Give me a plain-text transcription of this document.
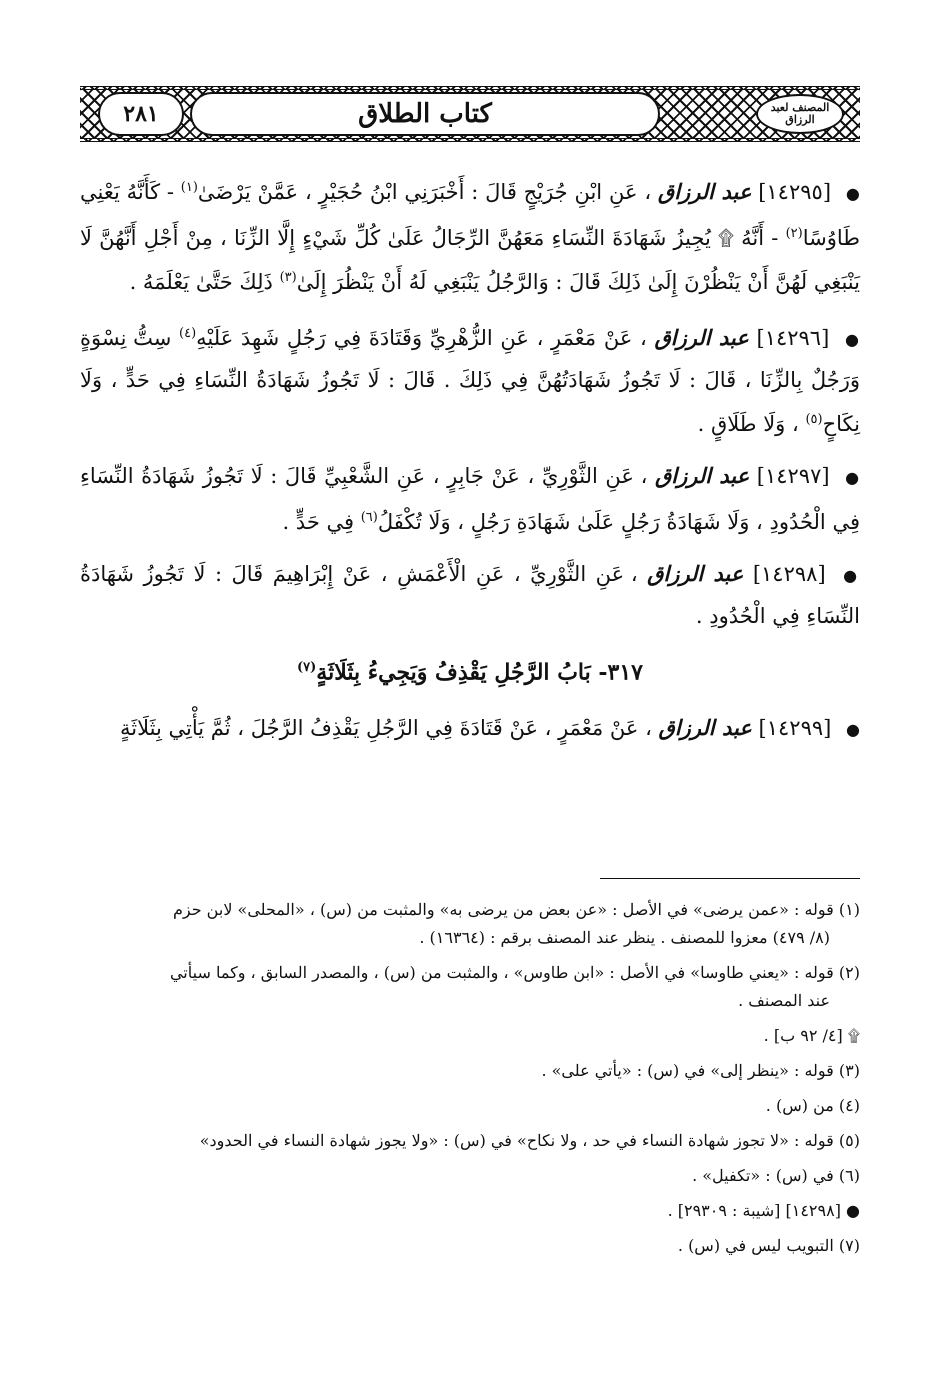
٢٨١	كتاب الطلاق	المصنف لعبد الرزاق

● [١٤٢٩٥] عبد الرزاق ، عَنِ ابْنِ جُرَيْجٍ قَالَ : أَخْبَرَنِي ابْنُ حُجَيْرٍ ، عَمَّنْ يَرْضَىٰ$^{(١)}$ - كَأَنَّهُ يَعْنِي طَاوُسًا$^{(٢)}$ - أَنَّهُ ۩ يُجِيزُ شَهَادَةَ النِّسَاءِ مَعَهُنَّ الرِّجَالُ عَلَىٰ كُلِّ شَيْءٍ إِلَّا الزِّنَا ، مِنْ أَجْلِ أَنَّهُنَّ لَا يَنْبَغِي لَهُنَّ أَنْ يَنْظُرْنَ إِلَىٰ ذَلِكَ قَالَ : وَالرَّجُلُ يَنْبَغِي لَهُ أَنْ يَنْظُرَ إِلَىٰ$^{(٣)}$ ذَلِكَ حَتَّىٰ يَعْلَمَهُ .

● [١٤٢٩٦] عبد الرزاق ، عَنْ مَعْمَرٍ ، عَنِ الزُّهْرِيِّ وَقَتَادَةَ فِي رَجُلٍ شَهِدَ عَلَيْهِ$^{(٤)}$ سِتُّ نِسْوَةٍ وَرَجُلٌ بِالزِّنَا ، قَالَ : لَا تَجُوزُ شَهَادَتُهُنَّ فِي ذَلِكَ . قَالَ : لَا تَجُوزُ شَهَادَةُ النِّسَاءِ فِي حَدٍّ ، وَلَا نِكَاحٍ$^{(٥)}$ ، وَلَا طَلَاقٍ .

● [١٤٢٩٧] عبد الرزاق ، عَنِ الثَّوْرِيِّ ، عَنْ جَابِرٍ ، عَنِ الشَّعْبِيِّ قَالَ : لَا تَجُوزُ شَهَادَةُ النِّسَاءِ فِي الْحُدُودِ ، وَلَا شَهَادَةُ رَجُلٍ عَلَىٰ شَهَادَةِ رَجُلٍ ، وَلَا تُكْفَلُ$^{(٦)}$ فِي حَدٍّ .

● [١٤٢٩٨] عبد الرزاق ، عَنِ الثَّوْرِيِّ ، عَنِ الْأَعْمَشِ ، عَنْ إِبْرَاهِيمَ قَالَ : لَا تَجُوزُ شَهَادَةُ النِّسَاءِ فِي الْحُدُودِ .

٣١٧- بَابُ الرَّجُلِ يَقْذِفُ وَيَجِيءُ بِثَلَاثَةٍ$^{(٧)}$

● [١٤٢٩٩] عبد الرزاق ، عَنْ مَعْمَرٍ ، عَنْ قَتَادَةَ فِي الرَّجُلِ يَقْذِفُ الرَّجُلَ ، ثُمَّ يَأْتِي بِثَلَاثَةٍ

(١) قوله : «عمن يرضى» في الأصل : «عن بعض من يرضى به» والمثبت من (س) ، «المحلى» لابن حزم
(٨/ ٤٧٩) معزوا للمصنف . ينظر عند المصنف برقم : (١٦٣٦٤) .

(٢) قوله : «يعني طاوسا» في الأصل : «ابن طاوس» ، والمثبت من (س) ، والمصدر السابق ، وكما سيأتي
عند المصنف .

۩ [٤/ ٩٢ ب] .

(٣) قوله : «ينظر إلى» في (س) : «يأتي على» .

(٤) من (س) .

(٥) قوله : «لا تجوز شهادة النساء في حد ، ولا نكاح» في (س) : «ولا يجوز شهادة النساء في الحدود»

(٦) في (س) : «تكفيل» .

● [١٤٢٩٨] [شيبة : ٢٩٣٠٩] .

(٧) التبويب ليس في (س) .
